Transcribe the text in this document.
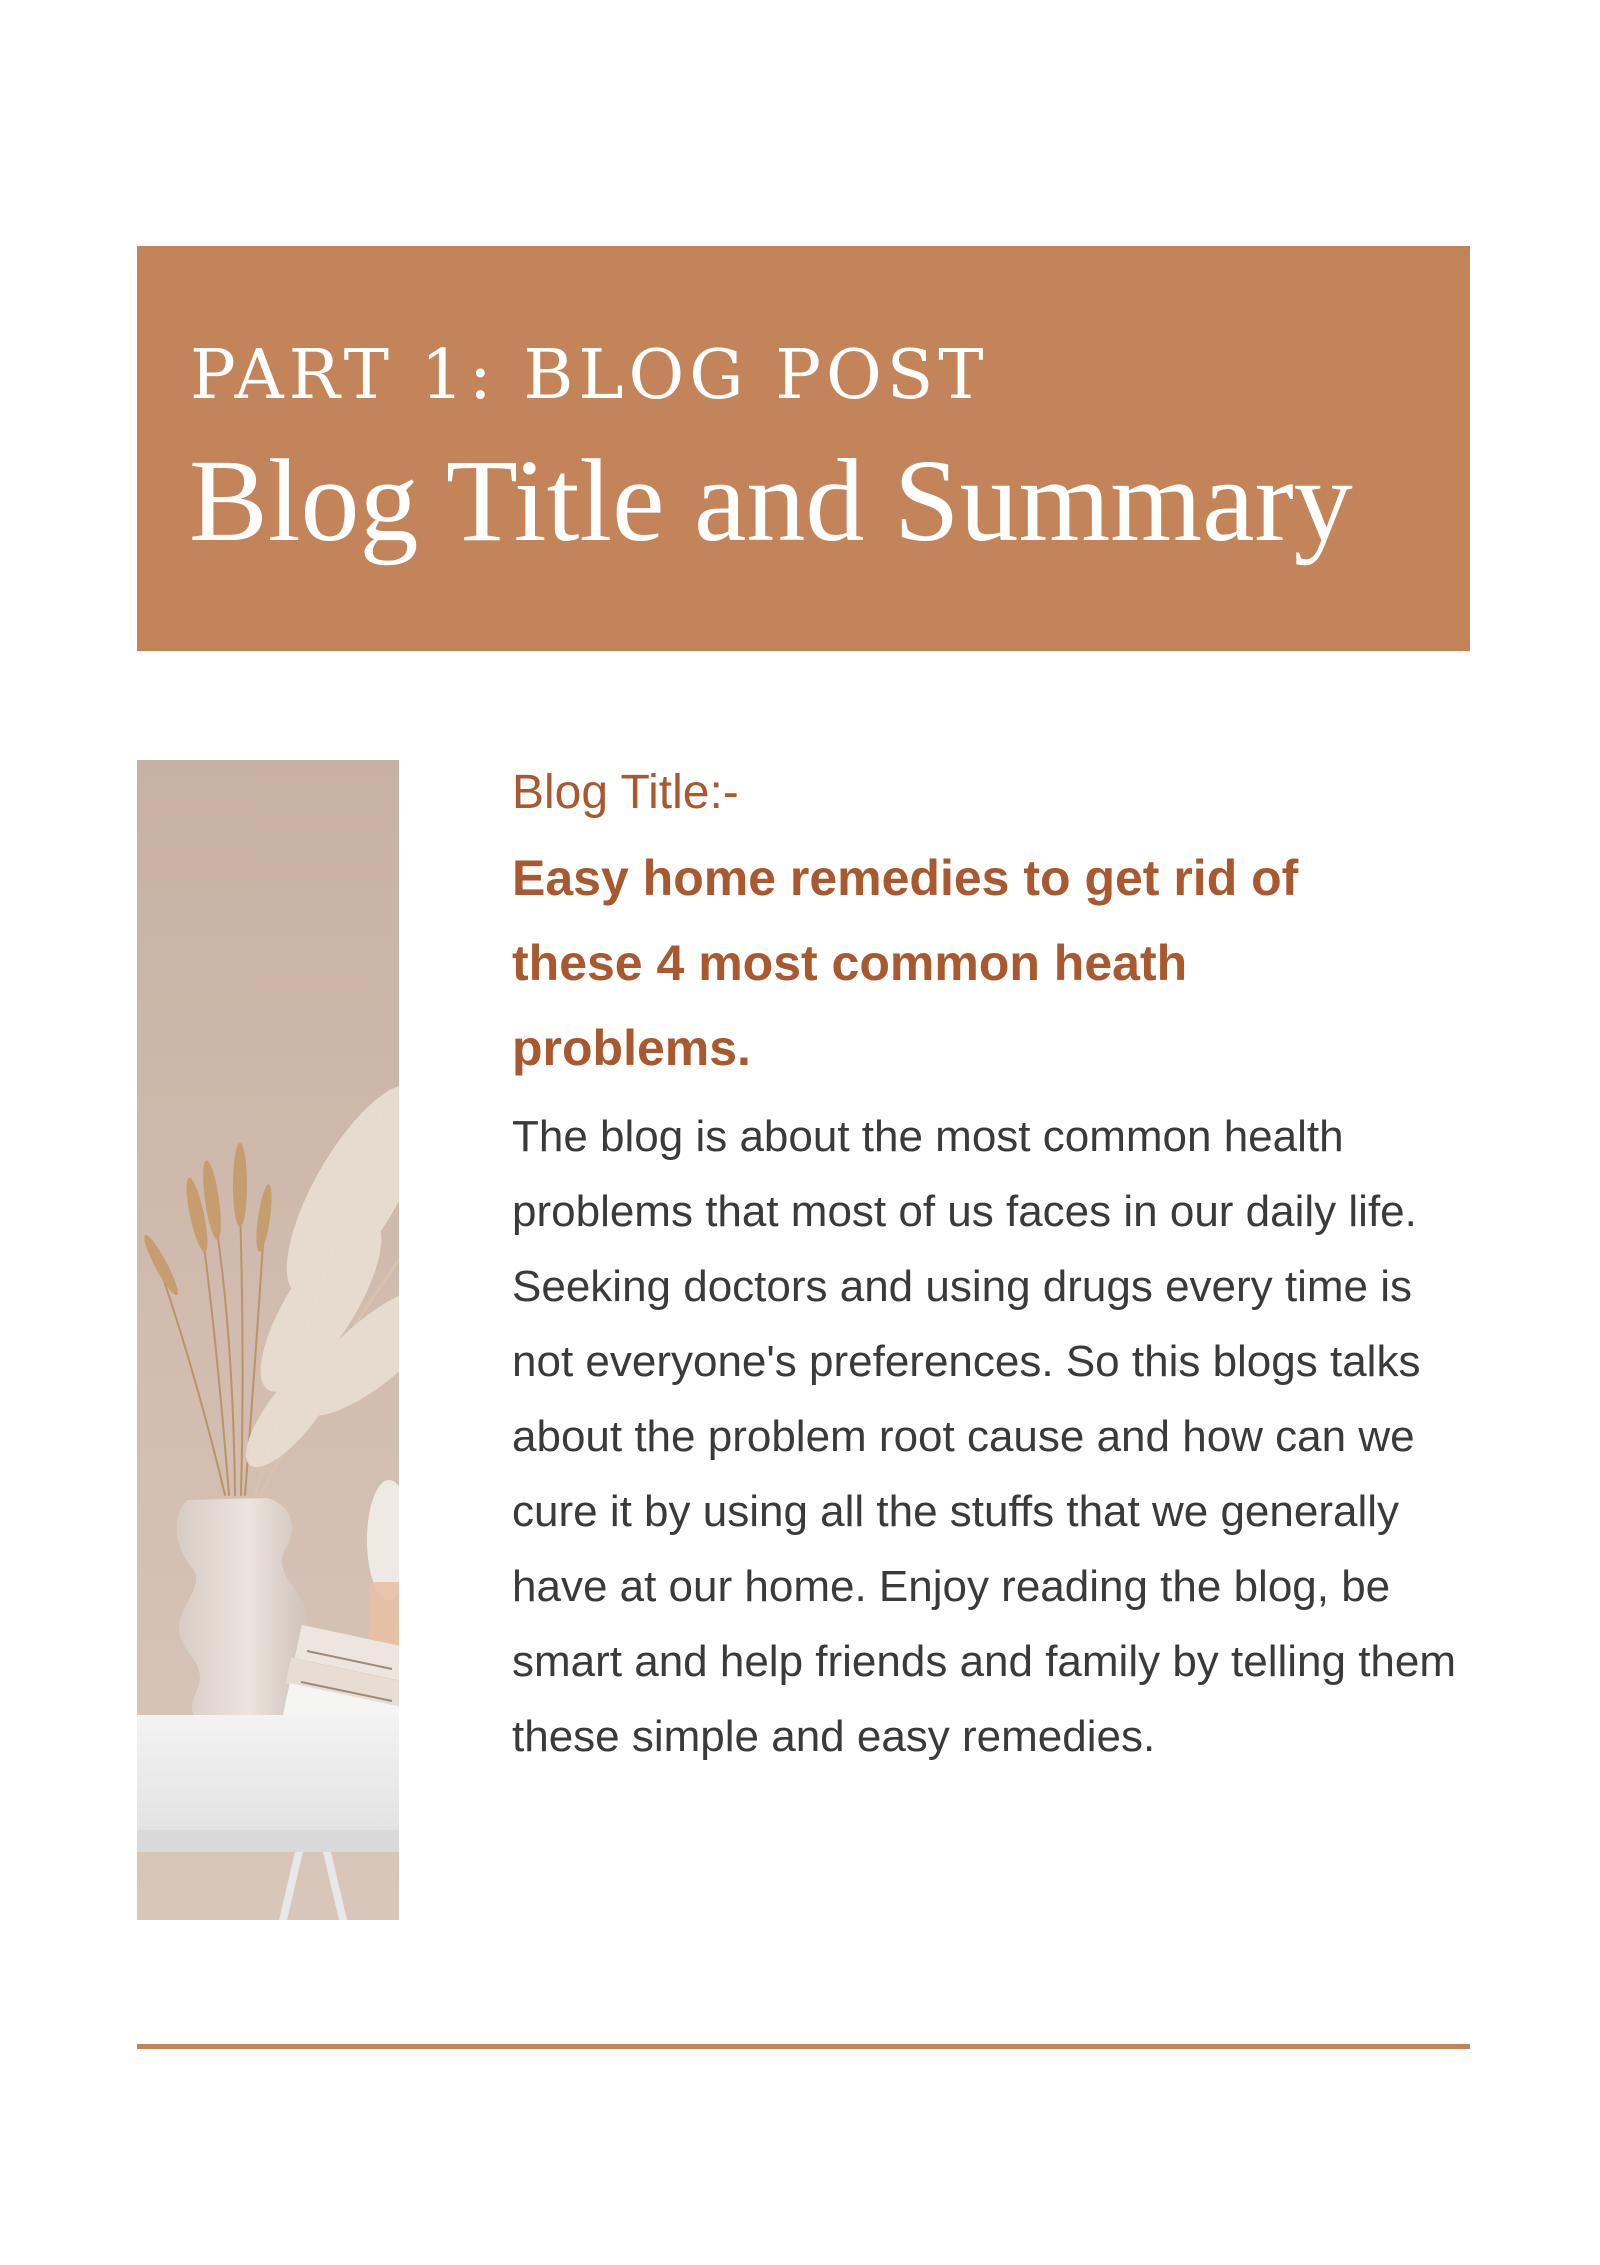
PART 1: BLOG POST
Blog Title and Summary

Blog Title:-

Easy home remedies to get rid of these 4 most common heath problems.

The blog is about the most common health problems that most of us faces in our daily life. Seeking doctors and using drugs every time is not everyone's preferences. So this blogs talks about the problem root cause and how can we cure it by using all the stuffs that we generally have at our home. Enjoy reading the blog, be smart and help friends and family by telling them these simple and easy remedies.
